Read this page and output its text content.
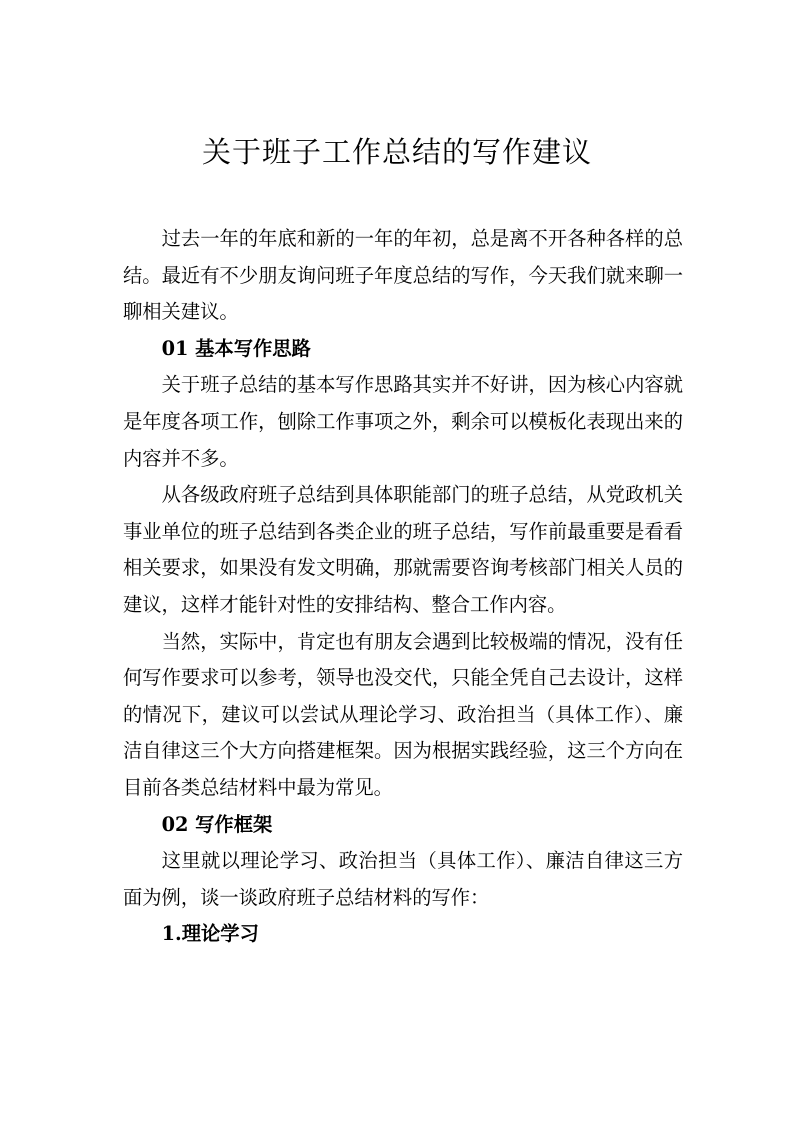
关于班子工作总结的写作建议

过去一年的年底和新的一年的年初，总是离不开各种各样的总结。最近有不少朋友询问班子年度总结的写作，今天我们就来聊一聊相关建议。

01 基本写作思路

关于班子总结的基本写作思路其实并不好讲，因为核心内容就是年度各项工作，刨除工作事项之外，剩余可以模板化表现出来的内容并不多。

从各级政府班子总结到具体职能部门的班子总结，从党政机关事业单位的班子总结到各类企业的班子总结，写作前最重要是看看相关要求，如果没有发文明确，那就需要咨询考核部门相关人员的建议，这样才能针对性的安排结构、整合工作内容。

当然，实际中，肯定也有朋友会遇到比较极端的情况，没有任何写作要求可以参考，领导也没交代，只能全凭自己去设计，这样的情况下，建议可以尝试从理论学习、政治担当（具体工作）、廉洁自律这三个大方向搭建框架。因为根据实践经验，这三个方向在目前各类总结材料中最为常见。

02 写作框架

这里就以理论学习、政治担当（具体工作）、廉洁自律这三方面为例，谈一谈政府班子总结材料的写作：

1.理论学习
